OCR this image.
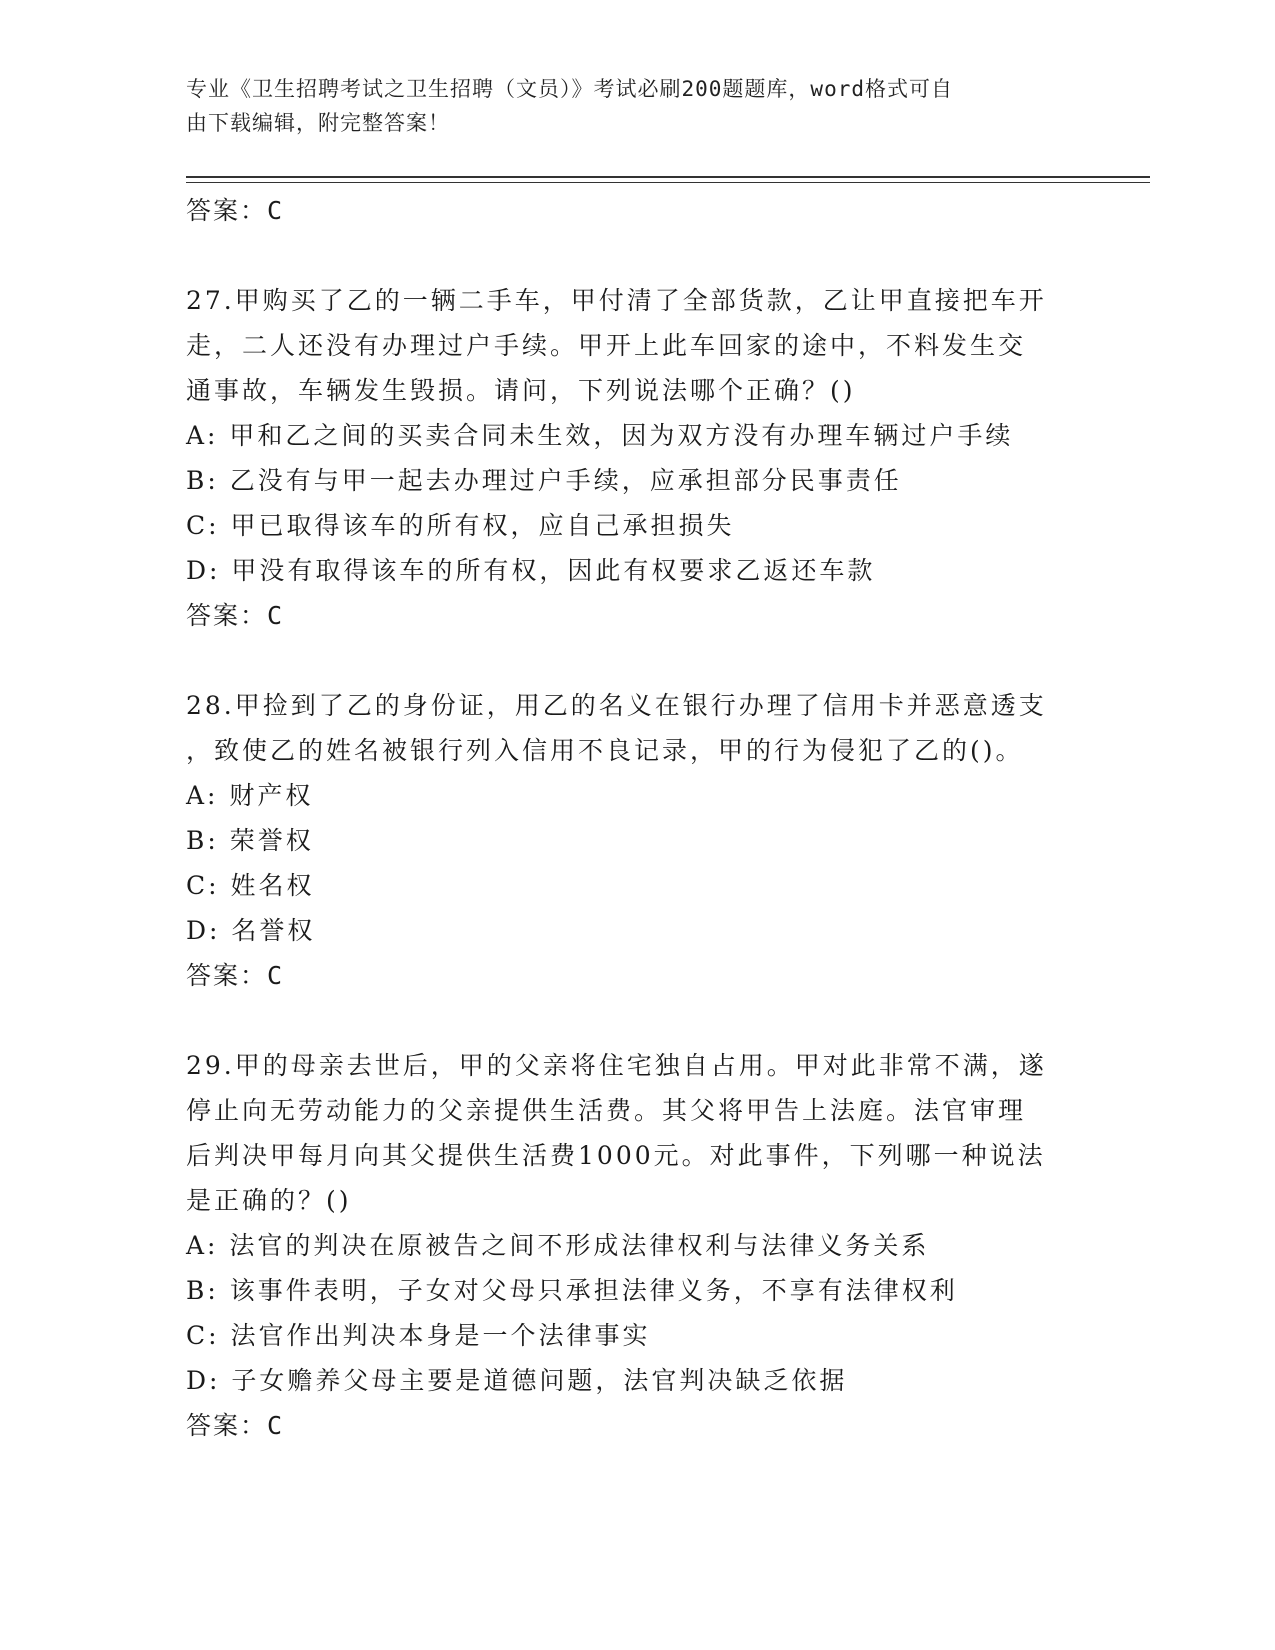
专业《卫生招聘考试之卫生招聘（文员）》考试必刷200题题库，word格式可自
由下载编辑，附完整答案！
答案：C
27.甲购买了乙的一辆二手车，甲付清了全部货款，乙让甲直接把车开
走，二人还没有办理过户手续。甲开上此车回家的途中，不料发生交
通事故，车辆发生毁损。请问，下列说法哪个正确？()
A: 甲和乙之间的买卖合同未生效，因为双方没有办理车辆过户手续
B: 乙没有与甲一起去办理过户手续，应承担部分民事责任
C: 甲已取得该车的所有权，应自己承担损失
D: 甲没有取得该车的所有权，因此有权要求乙返还车款
答案：C
28.甲捡到了乙的身份证，用乙的名义在银行办理了信用卡并恶意透支
，致使乙的姓名被银行列入信用不良记录，甲的行为侵犯了乙的()。
A: 财产权
B: 荣誉权
C: 姓名权
D: 名誉权
答案：C
29.甲的母亲去世后，甲的父亲将住宅独自占用。甲对此非常不满，遂
停止向无劳动能力的父亲提供生活费。其父将甲告上法庭。法官审理
后判决甲每月向其父提供生活费1000元。对此事件，下列哪一种说法
是正确的？()
A: 法官的判决在原被告之间不形成法律权利与法律义务关系
B: 该事件表明，子女对父母只承担法律义务，不享有法律权利
C: 法官作出判决本身是一个法律事实
D: 子女赡养父母主要是道德问题，法官判决缺乏依据
答案：C
